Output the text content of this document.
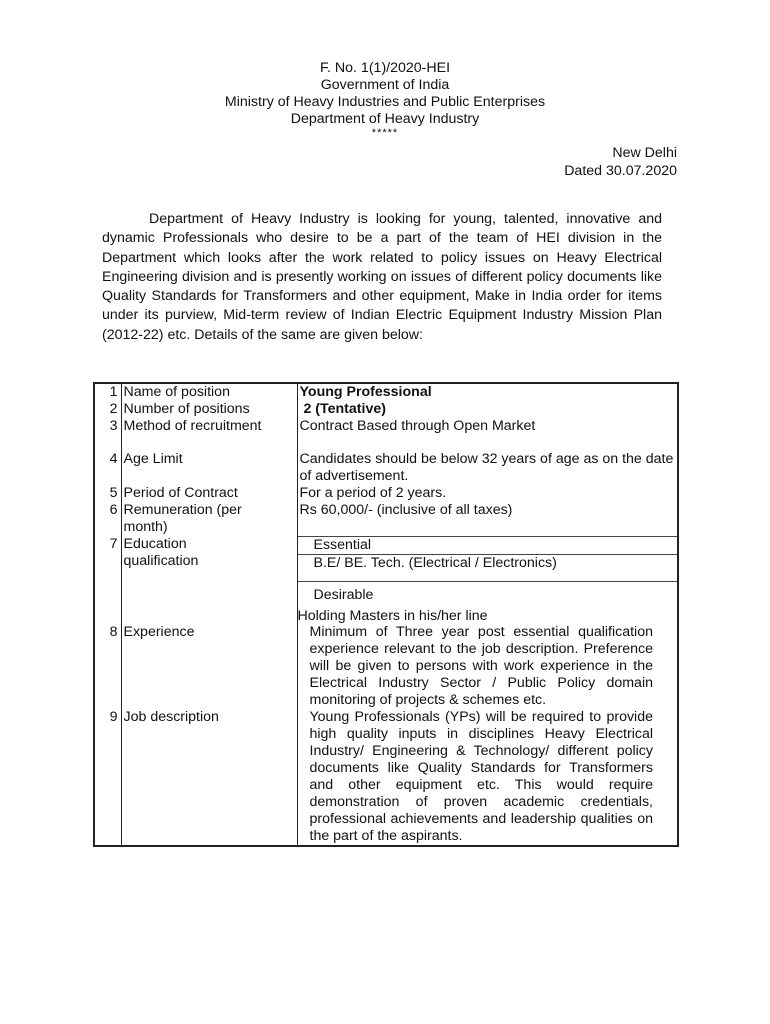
F. No. 1(1)/2020-HEI
Government of India
Ministry of Heavy Industries and Public Enterprises
Department of Heavy Industry
*****
New Delhi
Dated 30.07.2020
Department of Heavy Industry is looking for young, talented, innovative and dynamic Professionals who desire to be a part of the team of HEI division in the Department which looks after the work related to policy issues on Heavy Electrical Engineering division and is presently working on issues of different policy documents like Quality Standards for Transformers and other equipment, Make in India order for items under its purview, Mid-term review of Indian Electric Equipment Industry Mission Plan (2012-22) etc. Details of the same are given below:
1	Name of position	Young Professional
2	Number of positions	2 (Tentative)
3	Method of recruitment	Contract Based through Open Market
4	Age Limit	Candidates should be below 32 years of age as on the date of advertisement.
5	Period of Contract	For a period of 2 years.
6	Remuneration (per month)	Rs 60,000/- (inclusive of all taxes)
7	Education qualification	Essential
B.E/ BE. Tech. (Electrical / Electronics)
Desirable
Holding Masters in his/her line

8	Experience	Minimum of Three year post essential qualification experience relevant to the job description. Preference will be given to persons with work experience in the Electrical Industry Sector / Public Policy domain monitoring of projects & schemes etc.
9	Job description	Young Professionals (YPs) will be required to provide high quality inputs in disciplines Heavy Electrical Industry/ Engineering & Technology/ different policy documents like Quality Standards for Transformers and other equipment etc. This would require demonstration of proven academic credentials, professional achievements and leadership qualities on the part of the aspirants.
